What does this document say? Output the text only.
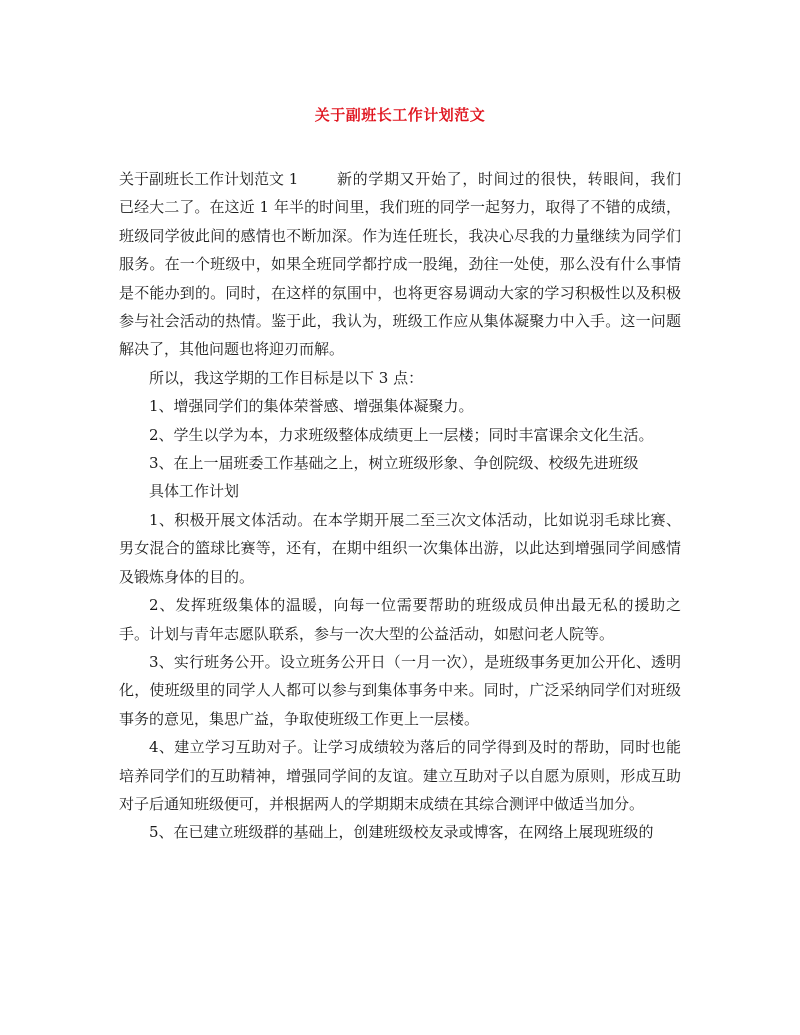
关于副班长工作计划范文

关于副班长工作计划范文 1	新的学期又开始了，时间过的很快，转眼间，我们已经大二了。在这近 1 年半的时间里，我们班的同学一起努力，取得了不错的成绩，班级同学彼此间的感情也不断加深。作为连任班长，我决心尽我的力量继续为同学们服务。在一个班级中，如果全班同学都拧成一股绳，劲往一处使，那么没有什么事情是不能办到的。同时，在这样的氛围中，也将更容易调动大家的学习积极性以及积极参与社会活动的热情。鉴于此，我认为，班级工作应从集体凝聚力中入手。这一问题解决了，其他问题也将迎刃而解。

所以，我这学期的工作目标是以下 3 点：

1、增强同学们的集体荣誉感、增强集体凝聚力。

2、学生以学为本，力求班级整体成绩更上一层楼；同时丰富课余文化生活。

3、在上一届班委工作基础之上，树立班级形象、争创院级、校级先进班级

具体工作计划

1、积极开展文体活动。在本学期开展二至三次文体活动，比如说羽毛球比赛、男女混合的篮球比赛等，还有，在期中组织一次集体出游，以此达到增强同学间感情及锻炼身体的目的。

2、发挥班级集体的温暖，向每一位需要帮助的班级成员伸出最无私的援助之手。计划与青年志愿队联系，参与一次大型的公益活动，如慰问老人院等。

3、实行班务公开。设立班务公开日（一月一次），是班级事务更加公开化、透明化，使班级里的同学人人都可以参与到集体事务中来。同时，广泛采纳同学们对班级事务的意见，集思广益，争取使班级工作更上一层楼。

4、建立学习互助对子。让学习成绩较为落后的同学得到及时的帮助，同时也能培养同学们的互助精神，增强同学间的友谊。建立互助对子以自愿为原则，形成互助对子后通知班级便可，并根据两人的学期期末成绩在其综合测评中做适当加分。

5、在已建立班级群的基础上，创建班级校友录或博客，在网络上展现班级的
